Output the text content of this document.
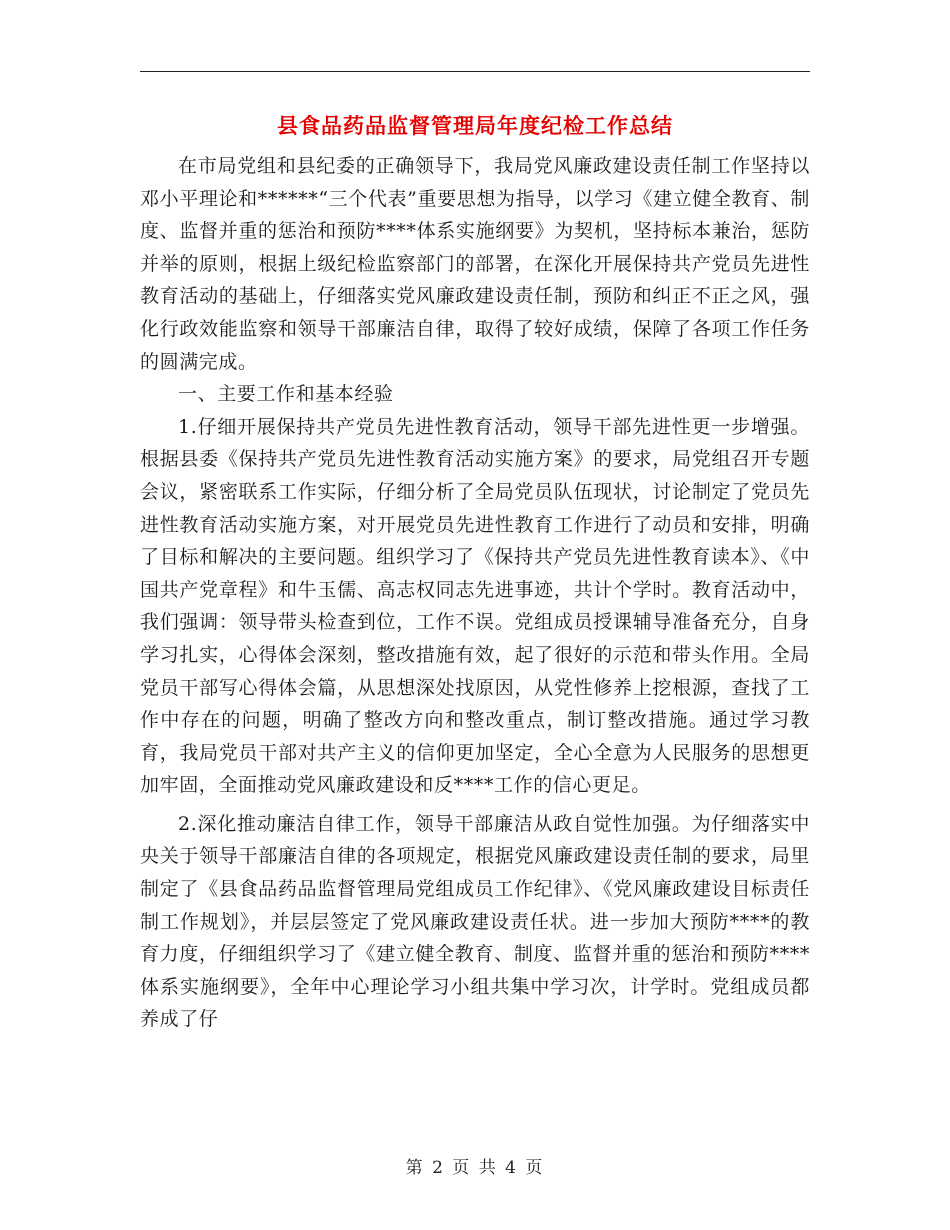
县食品药品监督管理局年度纪检工作总结

在市局党组和县纪委的正确领导下，我局党风廉政建设责任制工作坚持以邓小平理论和******“三个代表”重要思想为指导，以学习《建立健全教育、制度、监督并重的惩治和预防****体系实施纲要》为契机，坚持标本兼治，惩防并举的原则，根据上级纪检监察部门的部署，在深化开展保持共产党员先进性教育活动的基础上，仔细落实党风廉政建设责任制，预防和纠正不正之风，强化行政效能监察和领导干部廉洁自律，取得了较好成绩，保障了各项工作任务的圆满完成。

一、主要工作和基本经验

1.仔细开展保持共产党员先进性教育活动，领导干部先进性更一步增强。根据县委《保持共产党员先进性教育活动实施方案》的要求，局党组召开专题会议，紧密联系工作实际，仔细分析了全局党员队伍现状，讨论制定了党员先进性教育活动实施方案，对开展党员先进性教育工作进行了动员和安排，明确了目标和解决的主要问题。组织学习了《保持共产党员先进性教育读本》、《中国共产党章程》和牛玉儒、高志权同志先进事迹，共计个学时。教育活动中，我们强调：领导带头检查到位，工作不误。党组成员授课辅导准备充分，自身学习扎实，心得体会深刻，整改措施有效，起了很好的示范和带头作用。全局党员干部写心得体会篇，从思想深处找原因，从党性修养上挖根源，查找了工作中存在的问题，明确了整改方向和整改重点，制订整改措施。通过学习教育，我局党员干部对共产主义的信仰更加坚定，全心全意为人民服务的思想更加牢固，全面推动党风廉政建设和反****工作的信心更足。

2.深化推动廉洁自律工作，领导干部廉洁从政自觉性加强。为仔细落实中央关于领导干部廉洁自律的各项规定，根据党风廉政建设责任制的要求，局里制定了《县食品药品监督管理局党组成员工作纪律》、《党风廉政建设目标责任制工作规划》，并层层签定了党风廉政建设责任状。进一步加大预防****的教育力度，仔细组织学习了《建立健全教育、制度、监督并重的惩治和预防****体系实施纲要》，全年中心理论学习小组共集中学习次，计学时。党组成员都养成了仔

第 2 页 共 4 页
